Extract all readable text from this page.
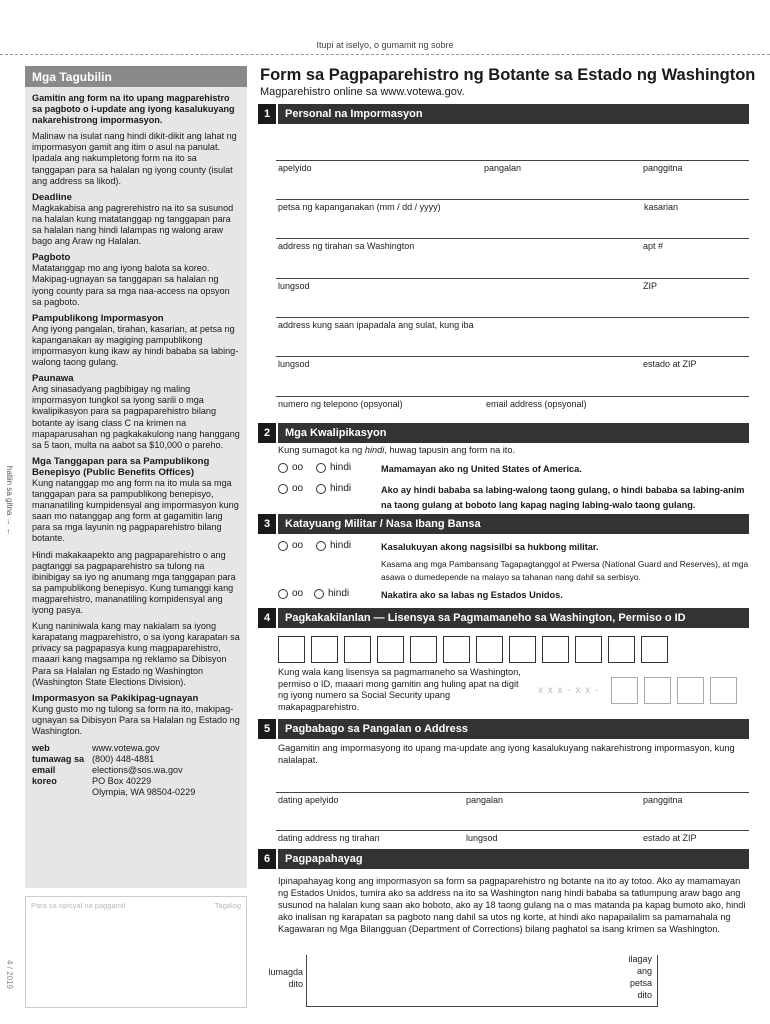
Itupi at iselyo, o gumamit ng sobre
Mga Tagubilin

Gamitin ang form na ito upang magparehistro sa pagboto o i-update ang iyong kasalukuyang nakarehistrong impormasyon.

Malinaw na isulat nang hindi dikit-dikit ang lahat ng impormasyon gamit ang itim o asul na panulat. Ipadala ang nakumpletong form na ito sa tanggapan para sa halalan ng iyong county (isulat ang address sa likod).

Deadline

Magkakabisa ang pagrerehistro na ito sa susunod na halalan kung matatanggap ng tanggapan para sa halalan nang hindi lalampas ng walong araw bago ang Araw ng Halalan.

Pagboto

Matatanggap mo ang iyong balota sa koreo. Makipag-ugnayan sa tanggapan sa halalan ng iyong county para sa mga naa-access na opsyon sa pagboto.

Pampublikong Impormasyon

Ang iyong pangalan, tirahan, kasarian, at petsa ng kapanganakan ay magiging pampublikong impormasyon kung ikaw ay hindi bababa sa labing-walong taong gulang.

Paunawa

Ang sinasadyang pagbibigay ng maling impormasyon tungkol sa iyong sarili o mga kwalipikasyon para sa pagpaparehistro bilang botante ay isang class C na krimen na mapaparusahan ng pagkakakulong nang hanggang sa 5 taon, multa na aabot sa $10,000 o pareho.

Mga Tanggapan para sa Pampublikong Benepisyo (Public Benefits Offices)

Kung natanggap mo ang form na ito mula sa mga tanggapan para sa pampublikong benepisyo, mananatiling kumpidensyal ang impormasyon kung saan mo natanggap ang form at gagamitin lang para sa mga layunin ng pagpaparehistro bilang botante.

Hindi makakaapekto ang pagpaparehistro o ang pagtanggi sa pagpaparehistro sa tulong na ibinibigay sa iyo ng anumang mga tanggapan para sa pampublikong benepisyo. Kung tumanggi kang magparehistro, mananatiling kompidensyal ang iyong pasya.

Kung naniniwala kang may nakialam sa iyong karapatang magparehistro, o sa iyong karapatan sa privacy sa pagpapasya kung magpaparehistro, maaari kang magsampa ng reklamo sa Dibisyon Para sa Halalan ng Estado ng Washington (Washington State Elections Division).

Impormasyon sa Pakikipag-ugnayan

Kung gusto mo ng tulong sa form na ito, makipag-ugnayan sa Dibisyon Para sa Halalan ng Estado ng Washington.

web	www.votewa.gov
tumawag sa (800) 448-4881
email	elections@sos.wa.gov
koreo	PO Box 40229
Olympia, WA 98504-0229
Para sa opisyal na paggamit	Tagalog
hatiin sa gitna → ←
4 / 2019
Form sa Pagpaparehistro ng Botante sa Estado ng Washington
Magparehistro online sa www.votewa.gov.
1	Personal na Impormasyon
apelyido	pangalan	panggitna
petsa ng kapanganakan (mm / dd / yyyy)	kasarian
address ng tirahan sa Washington	apt #
lungsod	ZIP
address kung saan ipapadala ang sulat, kung iba
lungsod	estado at ZIP
numero ng telepono (opsyonal)	email address (opsyonal)
2	Mga Kwalipikasyon
Kung sumagot ka ng hindi, huwag tapusin ang form na ito.
oo	hindi	Mamamayan ako ng United States of America.
oo	hindi	Ako ay hindi bababa sa labing-walong taong gulang, o hindi bababa sa labing-anim na taong gulang at boboto lang kapag naging labing-walo taong gulang.
3	Katayuang Militar / Nasa Ibang Bansa
oo	hindi	Kasalukuyan akong nagsisilbi sa hukbong militar.
Kasama ang mga Pambansang Tagapagtanggol at Pwersa (National Guard and Reserves), at mga asawa o dumedepende na malayo sa tahanan nang dahil sa serbisyo.
oo hindi	Nakatira ako sa labas ng Estados Unidos.
4	Pagkakakilanlan — Lisensya sa Pagmamaneho sa Washington, Permiso o ID
Kung wala kang lisensya sa pagmamaneho sa Washington, permiso o ID, maaari mong gamitin ang huling apat na digit ng iyong numero sa Social Security upang makapagparehistro.
x x x - x x -
5	Pagbabago sa Pangalan o Address
Gagamitin ang impormasyong ito upang ma-update ang iyong kasalukuyang nakarehistrong impormasyon, kung nalalapat.
dating apelyido	pangalan	panggitna
dating address ng tirahan	lungsod	estado at ZIP
6	Pagpapahayag
Ipinapahayag kong ang impormasyon sa form sa pagpaparehistro ng botante na ito ay totoo. Ako ay mamamayan ng Estados Unidos, tumira ako sa address na ito sa Washington nang hindi bababa sa tatlumpung araw bago ang susunod na halalan kung saan ako boboto, ako ay 18 taong gulang na o mas matanda pa kapag bumoto ako, hindi ako inalisan ng karapatan sa pagboto nang dahil sa utos ng korte, at hindi ako napapailalim sa pamamahala ng Kagawaran ng Mga Bilangguan (Department of Corrections) bilang paghatol sa isang krimen sa Washington.
lumagda
dito
ilagay
ang
petsa
dito
